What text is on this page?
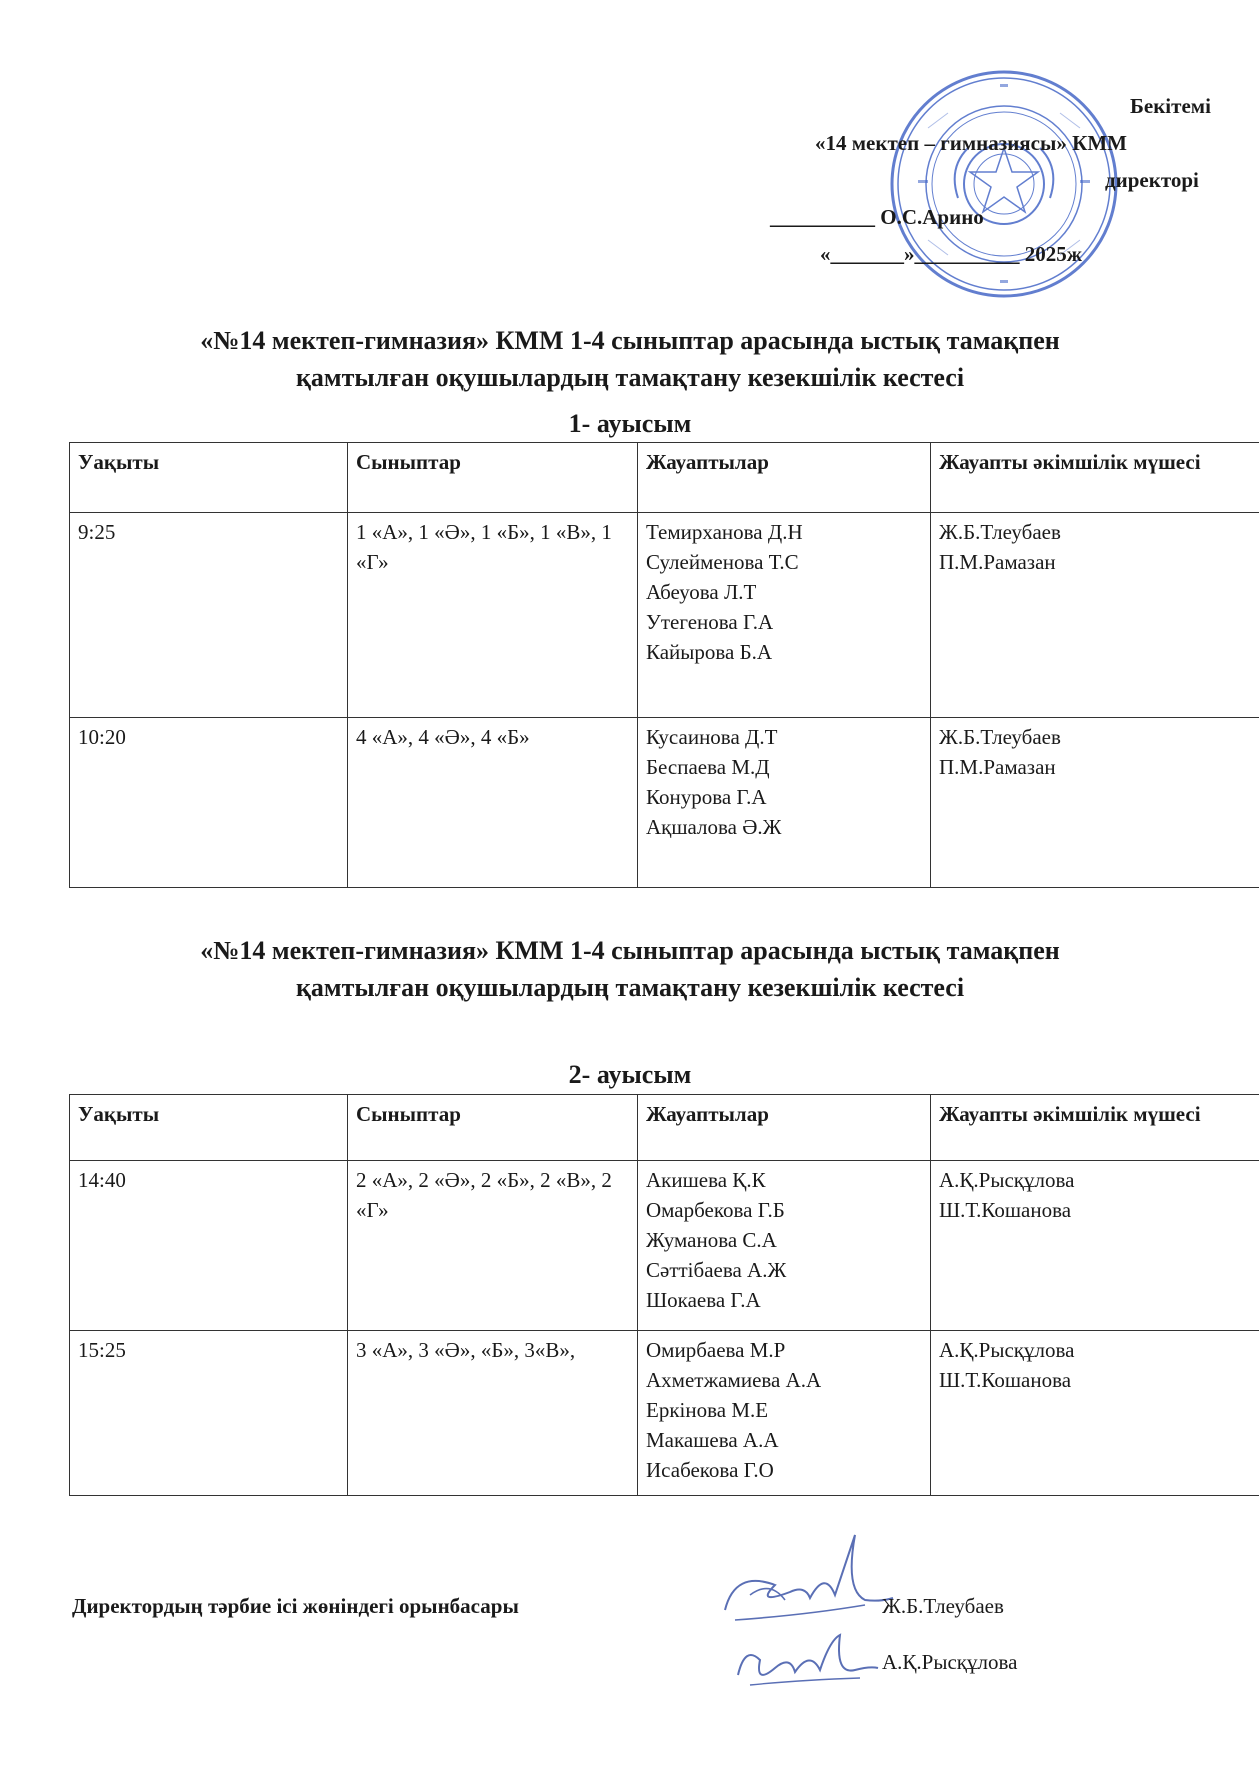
Бекітемі
«14 мектеп – гимназиясы» КММ
директорі
__________ О.С.Арино
«_______»__________ 2025ж
«№14 мектеп-гимназия» КММ 1-4 сыныптар арасында ыстық тамақпен
қамтылған оқушылардың тамақтану кезекшілік кестесі
1- ауысым
Уақыты	Сыныптар	Жауаптылар	Жауапты әкімшілік мүшесі
9:25	1 «А», 1 «Ә», 1 «Б», 1 «В», 1 «Г»	Темирханова Д.Н
Сулейменова Т.С
Абеуова Л.Т
Утегенова Г.А
Кайырова Б.А	Ж.Б.Тлеубаев
П.М.Рамазан

10:20	4 «А», 4 «Ә», 4 «Б»	Кусаинова Д.Т
Беспаева М.Д
Конурова Г.А
Ақшалова Ә.Ж	Ж.Б.Тлеубаев
П.М.Рамазан
«№14 мектеп-гимназия» КММ 1-4 сыныптар арасында ыстық тамақпен
қамтылған оқушылардың тамақтану кезекшілік кестесі
2- ауысым
Уақыты	Сыныптар	Жауаптылар	Жауапты әкімшілік мүшесі
14:40	2 «А», 2 «Ә», 2 «Б», 2 «В», 2 «Г»	Акишева Қ.К
Омарбекова Г.Б
Жуманова С.А
Сәттібаева А.Ж
Шокаева Г.А	А.Қ.Рысқұлова
Ш.Т.Кошанова

15:25	3 «А», 3 «Ә», «Б», 3«В»,	Омирбаева М.Р
Ахметжамиева А.А
Еркінова М.Е
Макашева А.А
Исабекова Г.О	А.Қ.Рысқұлова
Ш.Т.Кошанова
Директордың тәрбие ісі жөніндегі орынбасары	Ж.Б.Тлеубаев
А.Қ.Рысқұлова
